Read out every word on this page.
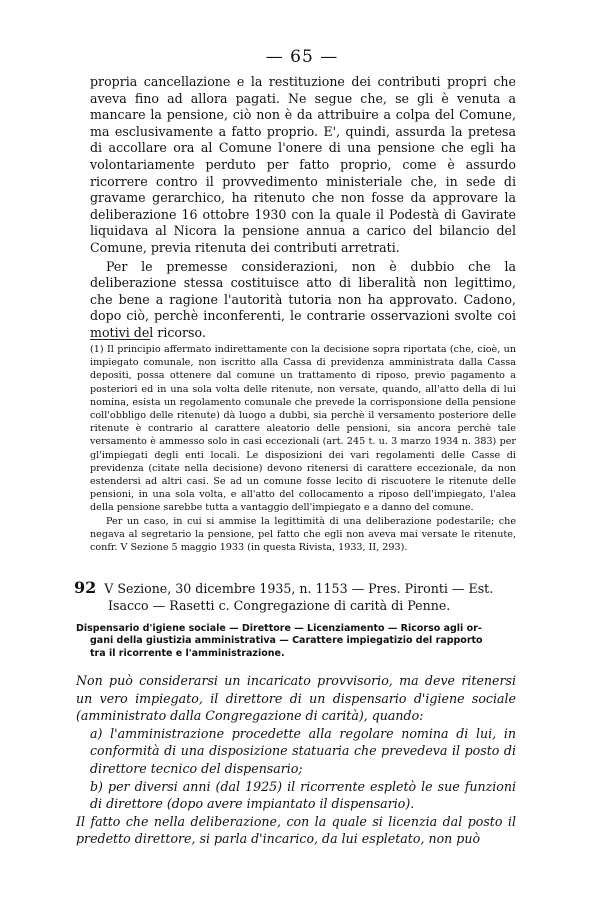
— 65 —

propria cancellazione e la restituzione dei contributi propri che aveva fino ad allora pagati. Ne segue che, se gli è venuta a mancare la pensione, ciò non è da attribuire a colpa del Comune, ma esclusivamente a fatto proprio. E', quindi, assurda la pretesa di accollare ora al Comune l'onere di una pensione che egli ha volontariamente perduto per fatto proprio, come è assurdo ricorrere contro il provvedimento ministeriale che, in sede di gravame gerarchico, ha ritenuto che non fosse da approvare la deliberazione 16 ottobre 1930 con la quale il Podestà di Gavirate liquidava al Nicora la pensione annua a carico del bilancio del Comune, previa ritenuta dei contributi arretrati.

Per le premesse considerazioni, non è dubbio che la deliberazione stessa costituisce atto di liberalità non legittimo, che bene a ragione l'autorità tutoria non ha approvato. Cadono, dopo ciò, perchè inconferenti, le contrarie osservazioni svolte coi motivi del ricorso.

(1) Il principio affermato indirettamente con la decisione sopra riportata (che, cioè, un impiegato comunale, non iscritto alla Cassa di previdenza amministrata dalla Cassa depositi, possa ottenere dal comune un trattamento di riposo, previo pagamento a posteriori ed in una sola volta delle ritenute, non versate, quando, all'atto della di lui nomina, esista un regolamento comunale che prevede la corrisponsione della pensione coll'obbligo delle ritenute) dà luogo a dubbi, sia perchè il versamento posteriore delle ritenute è contrario al carattere aleatorio delle pensioni, sia ancora perchè tale versamento è ammesso solo in casi eccezionali (art. 245 t. u. 3 marzo 1934 n. 383) per gl'impiegati degli enti locali. Le disposizioni dei vari regolamenti delle Casse di previdenza (citate nella decisione) devono ritenersi di carattere eccezionale, da non estendersi ad altri casi. Se ad un comune fosse lecito di riscuotere le ritenute delle pensioni, in una sola volta, e all'atto del collocamento a riposo dell'impiegato, l'alea della pensione sarebbe tutta a vantaggio dell'impiegato e a danno del comune.

Per un caso, in cui si ammise la legittimità di una deliberazione podestarile; che negava al segretario la pensione, pel fatto che egli non aveva mai versate le ritenute, confr. V Sezione 5 maggio 1933 (in questa Rivista, 1933, II, 293).

92 V Sezione, 30 dicembre 1935, n. 1153 — Pres. Pironti — Est.
Isacco — Rasetti c. Congregazione di carità di Penne.
Dispensario d'igiene sociale — Direttore — Licenziamento — Ricorso agli or-
gani della giustizia amministrativa — Carattere impiegatizio del rapporto
tra il ricorrente e l'amministrazione.

Non può considerarsi un incaricato provvisorio, ma deve ritenersi un vero impiegato, il direttore di un dispensario d'igiene sociale (amministrato dalla Congregazione di carità), quando:

a) l'amministrazione procedette alla regolare nomina di lui, in conformità di una disposizione statuaria che prevedeva il posto di direttore tecnico del dispensario;

b) per diversi anni (dal 1925) il ricorrente espletò le sue funzioni di direttore (dopo avere impiantato il dispensario).

Il fatto che nella deliberazione, con la quale si licenzia dal posto il predetto direttore, si parla d'incarico, da lui espletato, non può
